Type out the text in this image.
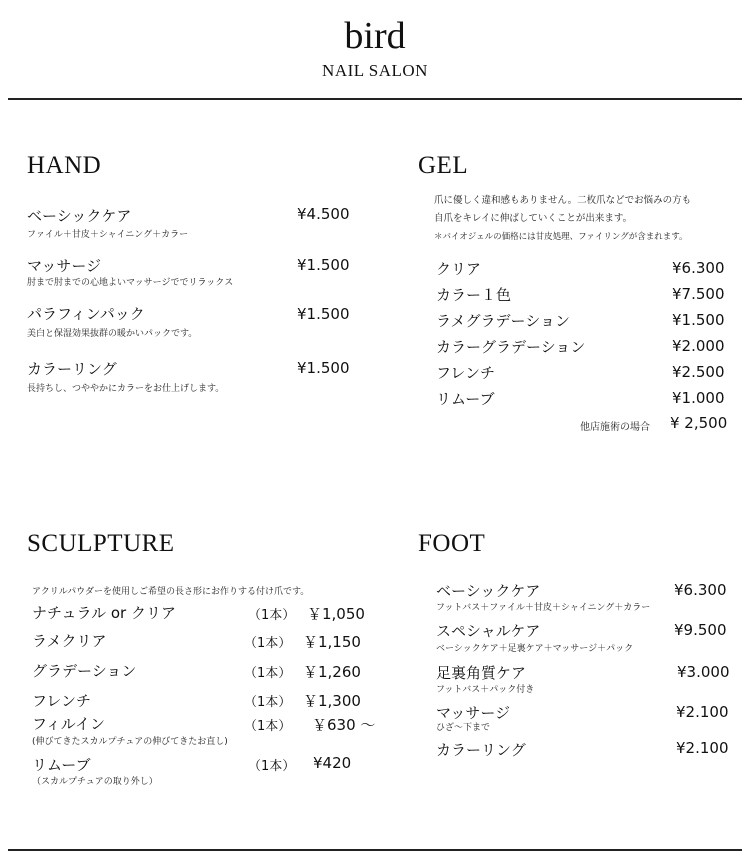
bird
NAIL SALON
HAND
ベーシックケア
ファイル＋甘皮＋シャイニング＋カラー
¥4.500
マッサージ
肘まで肘までの心地よいマッサージででリラックス
¥1.500
パラフィンパック
美白と保湿効果抜群の暖かいパックです。
¥1.500
カラーリング
長持ちし、つややかにカラーをお仕上げします。
¥1.500
GEL
爪に優しく違和感もありません。二枚爪などでお悩みの方も
自爪をキレイに伸ばしていくことが出来ます。
＊バイオジェルの価格には甘皮処理、ファイリングが含まれます。
クリア	¥6.300
カラー１色	¥7.500
ラメグラデーション	¥1.500
カラーグラデーション	¥2.000
フレンチ	¥2.500
リムーブ	¥1.000
他店施術の場合 ¥ 2,500
SCULPTURE
アクリルパウダーを使用しご希望の長さ形にお作りする付け爪です。
ナチュラル or クリア	（1本） ￥1,050
ラメクリア	（1本） ￥1,150
グラデーション	（1本） ￥1,260
フレンチ	（1本） ￥1,300
フィルイン	（1本） ￥630 〜
(伸びてきたスカルプチュアの伸びてきたお直し)
リムーブ	（1本） ¥420
（スカルプチュアの取り外し）
FOOT
ベーシックケア
フットバス＋ファイル＋甘皮＋シャイニング＋カラー
¥6.300
スペシャルケア
ベーシックケア＋足裏ケア＋マッサージ＋パック
¥9.500
足裏角質ケア
フットバス＋パック付き
¥3.000
マッサージ
ひざ〜下まで
¥2.100
カラーリング	¥2.100
